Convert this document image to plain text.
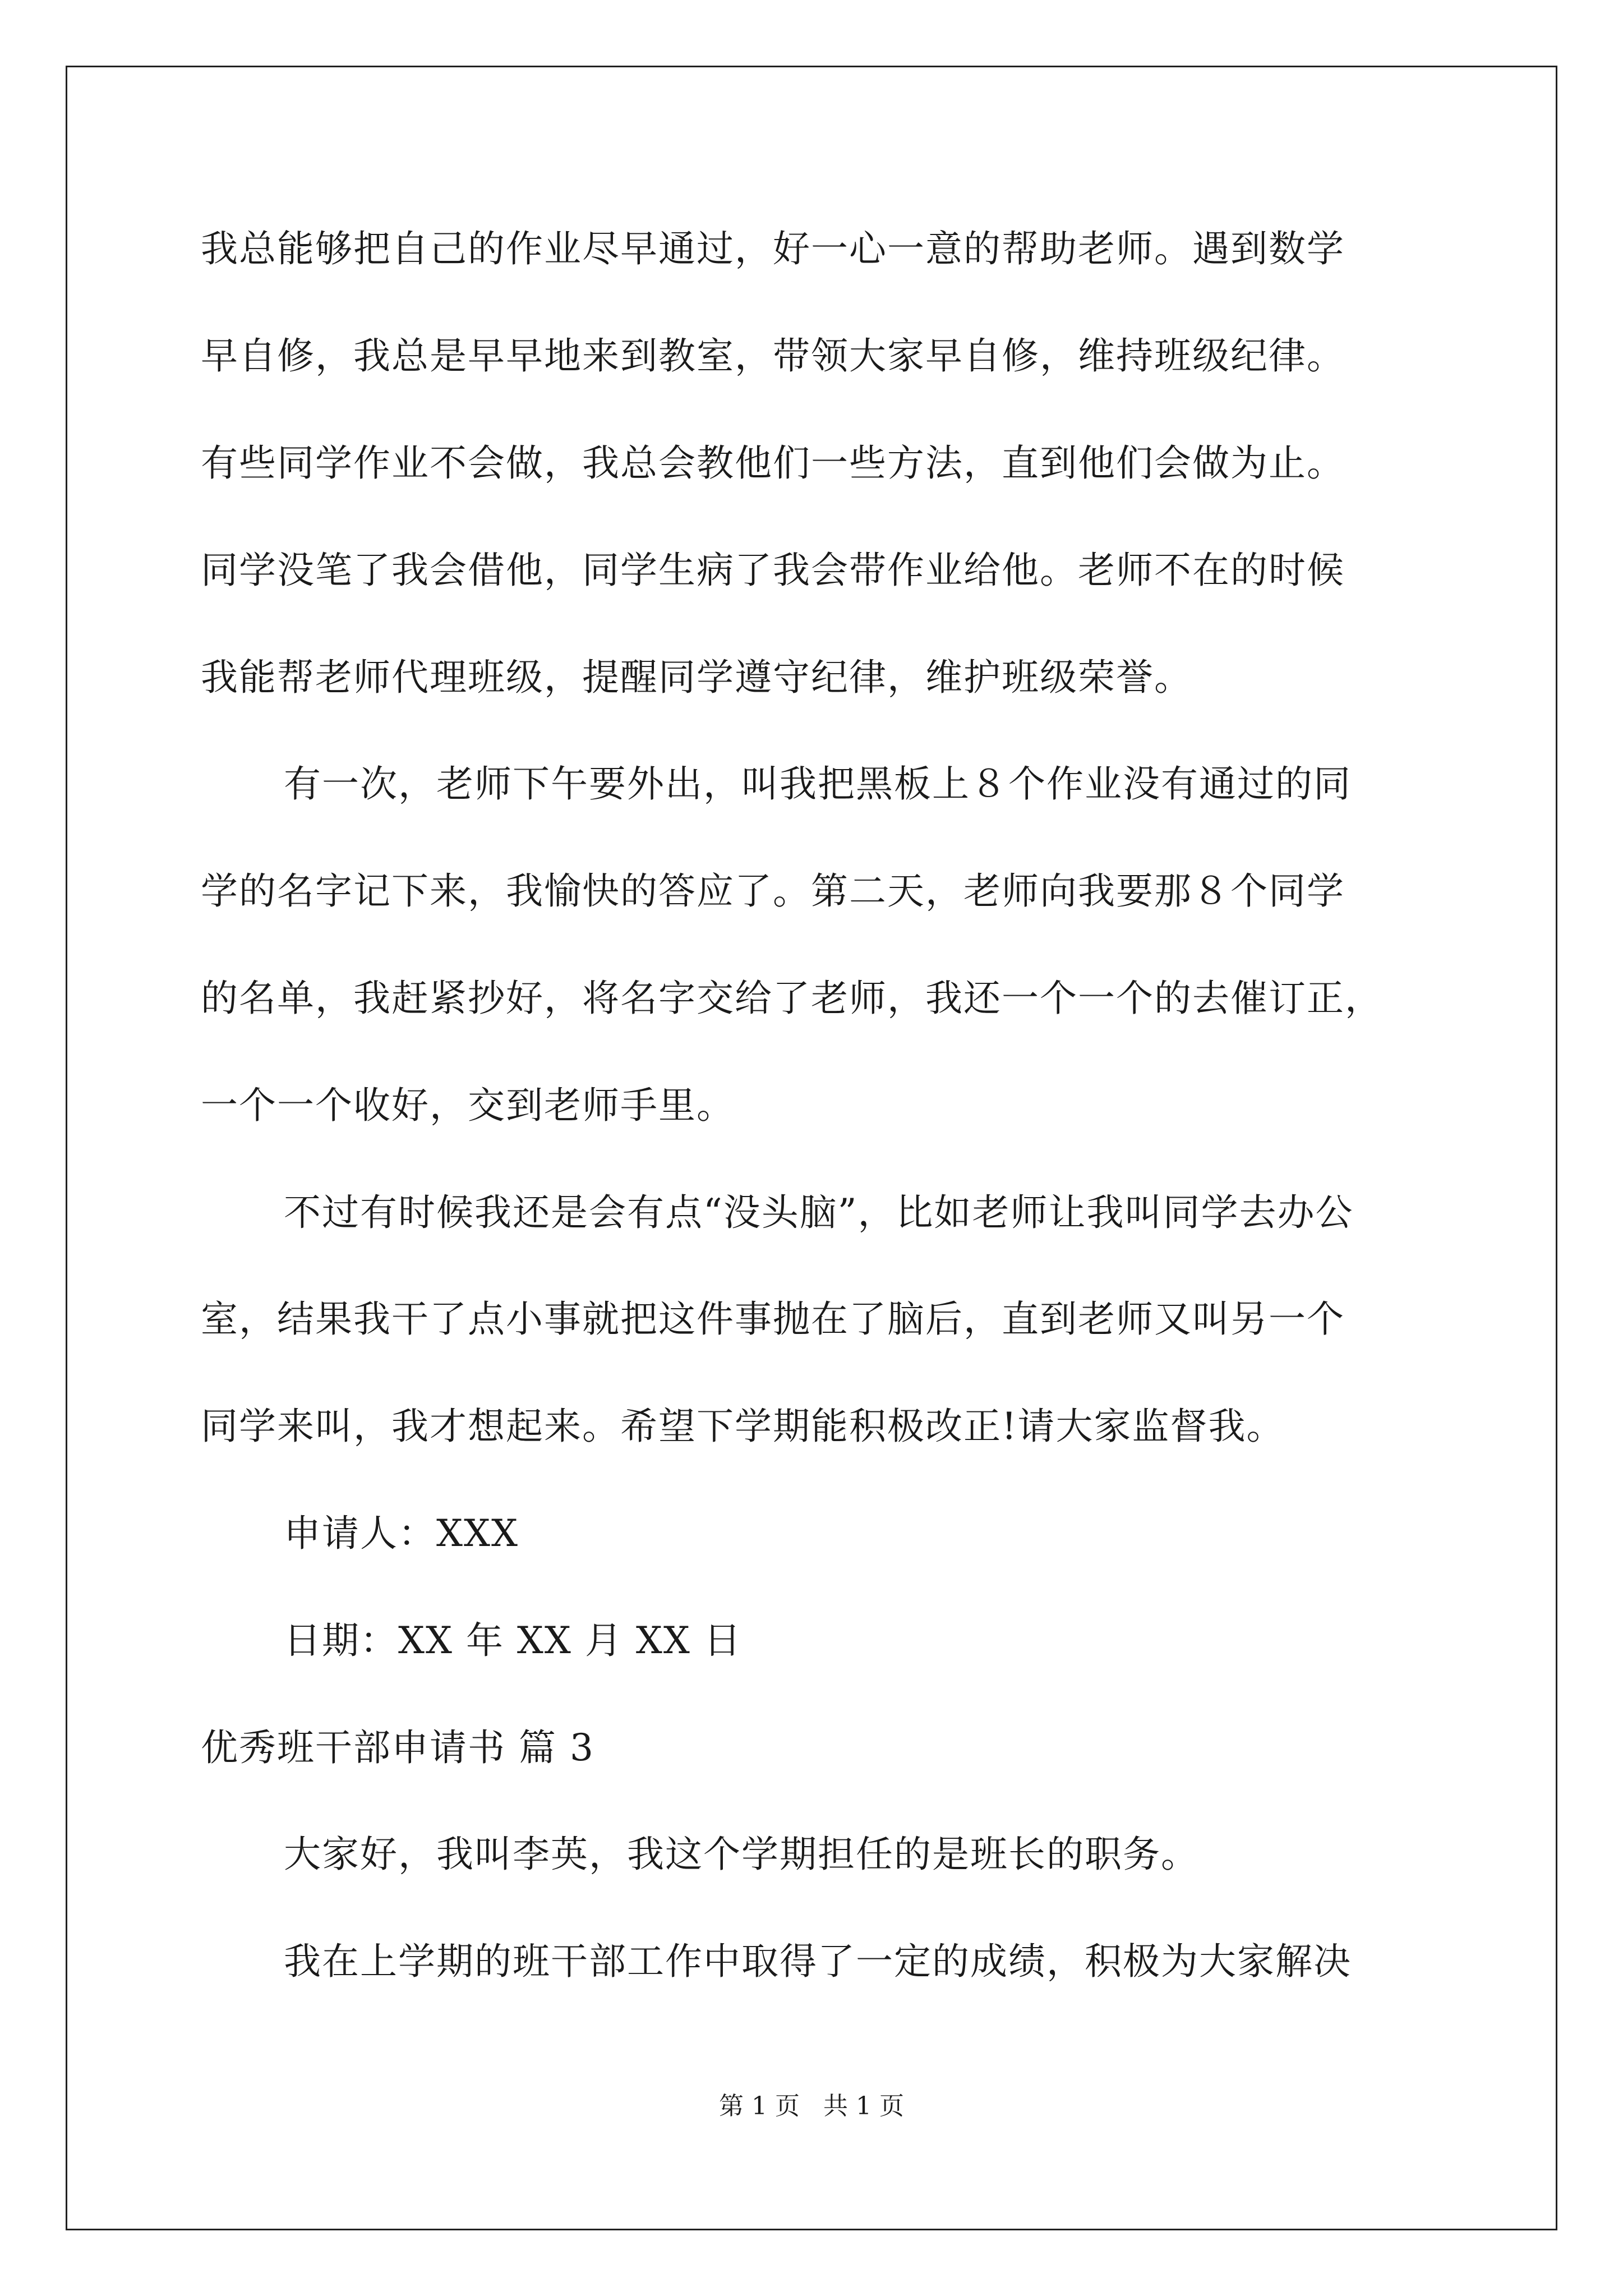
我总能够把自己的作业尽早通过，好一心一意的帮助老师。遇到数学
早自修，我总是早早地来到教室，带领大家早自修，维持班级纪律。
有些同学作业不会做，我总会教他们一些方法，直到他们会做为止。
同学没笔了我会借他，同学生病了我会带作业给他。老师不在的时候
我能帮老师代理班级，提醒同学遵守纪律，维护班级荣誉。
有一次，老师下午要外出，叫我把黑板上８个作业没有通过的同
学的名字记下来，我愉快的答应了。第二天，老师向我要那８个同学
的名单，我赶紧抄好，将名字交给了老师，我还一个一个的去催订正，
一个一个收好，交到老师手里。
不过有时候我还是会有点“没头脑”，比如老师让我叫同学去办公
室，结果我干了点小事就把这件事抛在了脑后，直到老师又叫另一个
同学来叫，我才想起来。希望下学期能积极改正!请大家监督我。
申请人：XXX
日期：XX 年 XX 月 XX 日
优秀班干部申请书 篇 3
大家好，我叫李英，我这个学期担任的是班长的职务。
我在上学期的班干部工作中取得了一定的成绩，积极为大家解决
第 1 页   共 1 页
